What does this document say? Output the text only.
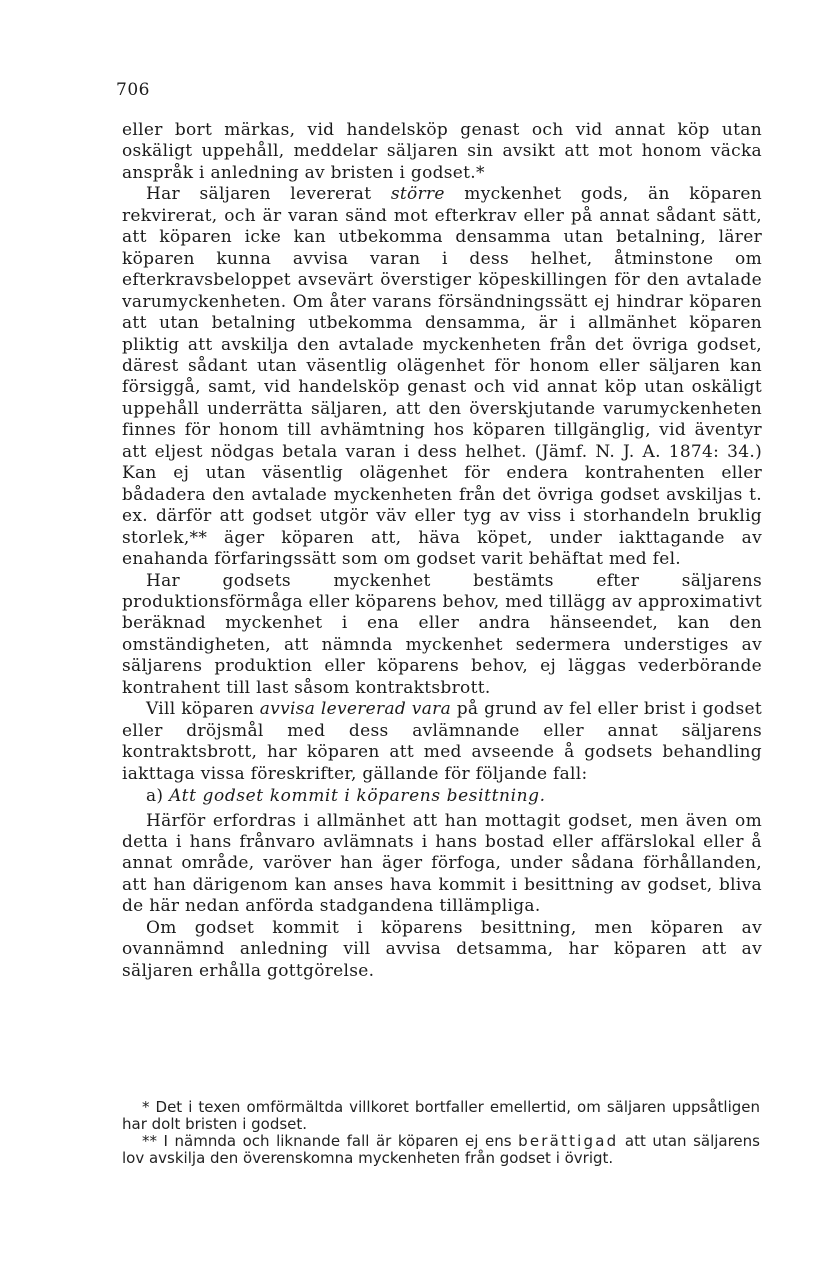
706

eller bort märkas, vid handelsköp genast och vid annat köp utan oskäligt uppehåll, meddelar säljaren sin avsikt att mot honom väcka anspråk i anledning av bristen i godset.*

Har säljaren levererat större myckenhet gods, än köparen rekvirerat, och är varan sänd mot efterkrav eller på annat sådant sätt, att köparen icke kan utbekomma densamma utan betalning, lärer köparen kunna avvisa varan i dess helhet, åtminstone om efterkravsbeloppet avsevärt överstiger köpeskillingen för den avtalade varumyckenheten. Om åter varans försändningssätt ej hindrar köparen att utan betalning utbekomma densamma, är i allmänhet köparen pliktig att avskilja den avtalade myckenheten från det övriga godset, därest sådant utan väsentlig olägenhet för honom eller säljaren kan försiggå, samt, vid handelsköp genast och vid annat köp utan oskäligt uppehåll underrätta säljaren, att den överskjutande varumyckenheten finnes för honom till avhämtning hos köparen tillgänglig, vid äventyr att eljest nödgas betala varan i dess helhet. (Jämf. N. J. A. 1874: 34.) Kan ej utan väsentlig olägenhet för endera kontrahenten eller bådadera den avtalade myckenheten från det övriga godset avskiljas t. ex. därför att godset utgör väv eller tyg av viss i storhandeln bruklig storlek,** äger köparen att, häva köpet, under iakttagande av enahanda förfaringssätt som om godset varit behäftat med fel.

Har godsets myckenhet bestämts efter säljarens produktionsförmåga eller köparens behov, med tillägg av approximativt beräknad myckenhet i ena eller andra hänseendet, kan den omständigheten, att nämnda myckenhet sedermera understiges av säljarens produktion eller köparens behov, ej läggas vederbörande kontrahent till last såsom kontraktsbrott.

Vill köparen avvisa levererad vara på grund av fel eller brist i godset eller dröjsmål med dess avlämnande eller annat säljarens kontraktsbrott, har köparen att med avseende å godsets behandling iakttaga vissa föreskrifter, gällande för följande fall:

a) Att godset kommit i köparens besittning.

Härför erfordras i allmänhet att han mottagit godset, men även om detta i hans frånvaro avlämnats i hans bostad eller affärslokal eller å annat område, varöver han äger förfoga, under sådana förhållanden, att han därigenom kan anses hava kommit i besittning av godset, bliva de här nedan anförda stadgandena tillämpliga.

Om godset kommit i köparens besittning, men köparen av ovannämnd anledning vill avvisa detsamma, har köparen att av säljaren erhålla gottgörelse.

* Det i texen omförmältda villkoret bortfaller emellertid, om säljaren uppsåtligen har dolt bristen i godset.

** I nämnda och liknande fall är köparen ej ens berättigad att utan säljarens lov avskilja den överenskomna myckenheten från godset i övrigt.
